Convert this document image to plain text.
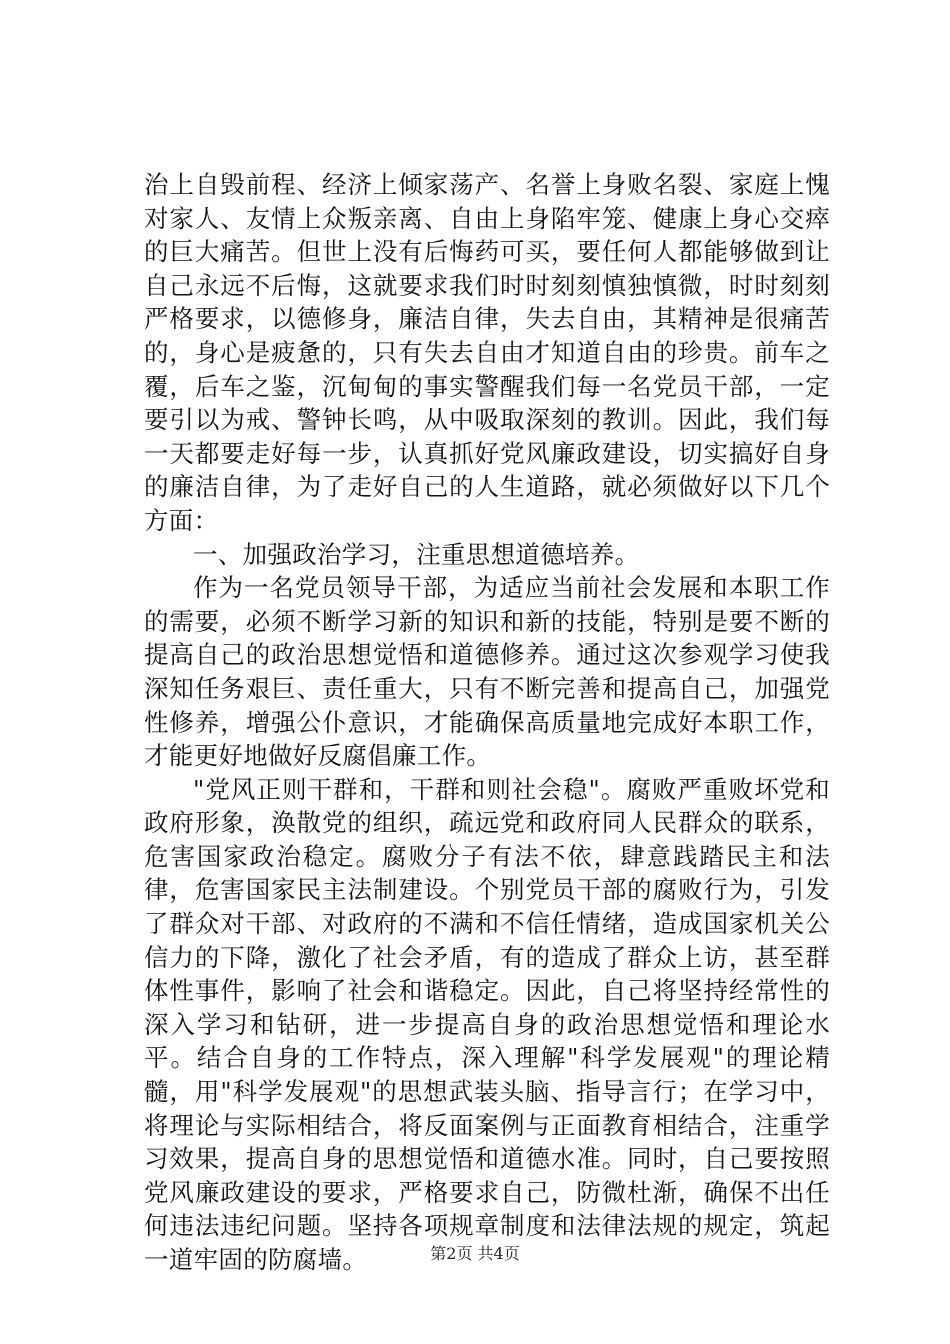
治上自毁前程、经济上倾家荡产、名誉上身败名裂、家庭上愧对家人、友情上众叛亲离、自由上身陷牢笼、健康上身心交瘁的巨大痛苦。但世上没有后悔药可买，要任何人都能够做到让自己永远不后悔，这就要求我们时时刻刻慎独慎微，时时刻刻严格要求，以德修身，廉洁自律，失去自由，其精神是很痛苦的，身心是疲惫的，只有失去自由才知道自由的珍贵。前车之覆，后车之鉴，沉甸甸的事实警醒我们每一名党员干部，一定要引以为戒、警钟长鸣，从中吸取深刻的教训。因此，我们每一天都要走好每一步，认真抓好党风廉政建设，切实搞好自身的廉洁自律，为了走好自己的人生道路，就必须做好以下几个方面：

一、加强政治学习，注重思想道德培养。

作为一名党员领导干部，为适应当前社会发展和本职工作的需要，必须不断学习新的知识和新的技能，特别是要不断的提高自己的政治思想觉悟和道德修养。通过这次参观学习使我深知任务艰巨、责任重大，只有不断完善和提高自己，加强党性修养，增强公仆意识，才能确保高质量地完成好本职工作，才能更好地做好反腐倡廉工作。

"党风正则干群和，干群和则社会稳"。腐败严重败坏党和政府形象，涣散党的组织，疏远党和政府同人民群众的联系，危害国家政治稳定。腐败分子有法不依，肆意践踏民主和法律，危害国家民主法制建设。个别党员干部的腐败行为，引发了群众对干部、对政府的不满和不信任情绪，造成国家机关公信力的下降，激化了社会矛盾，有的造成了群众上访，甚至群体性事件，影响了社会和谐稳定。因此，自己将坚持经常性的深入学习和钻研，进一步提高自身的政治思想觉悟和理论水平。结合自身的工作特点，深入理解"科学发展观"的理论精髓，用"科学发展观"的思想武装头脑、指导言行；在学习中，将理论与实际相结合，将反面案例与正面教育相结合，注重学习效果，提高自身的思想觉悟和道德水准。同时，自己要按照党风廉政建设的要求，严格要求自己，防微杜渐，确保不出任何违法违纪问题。坚持各项规章制度和法律法规的规定，筑起一道牢固的防腐墙。	第2页 共4页
